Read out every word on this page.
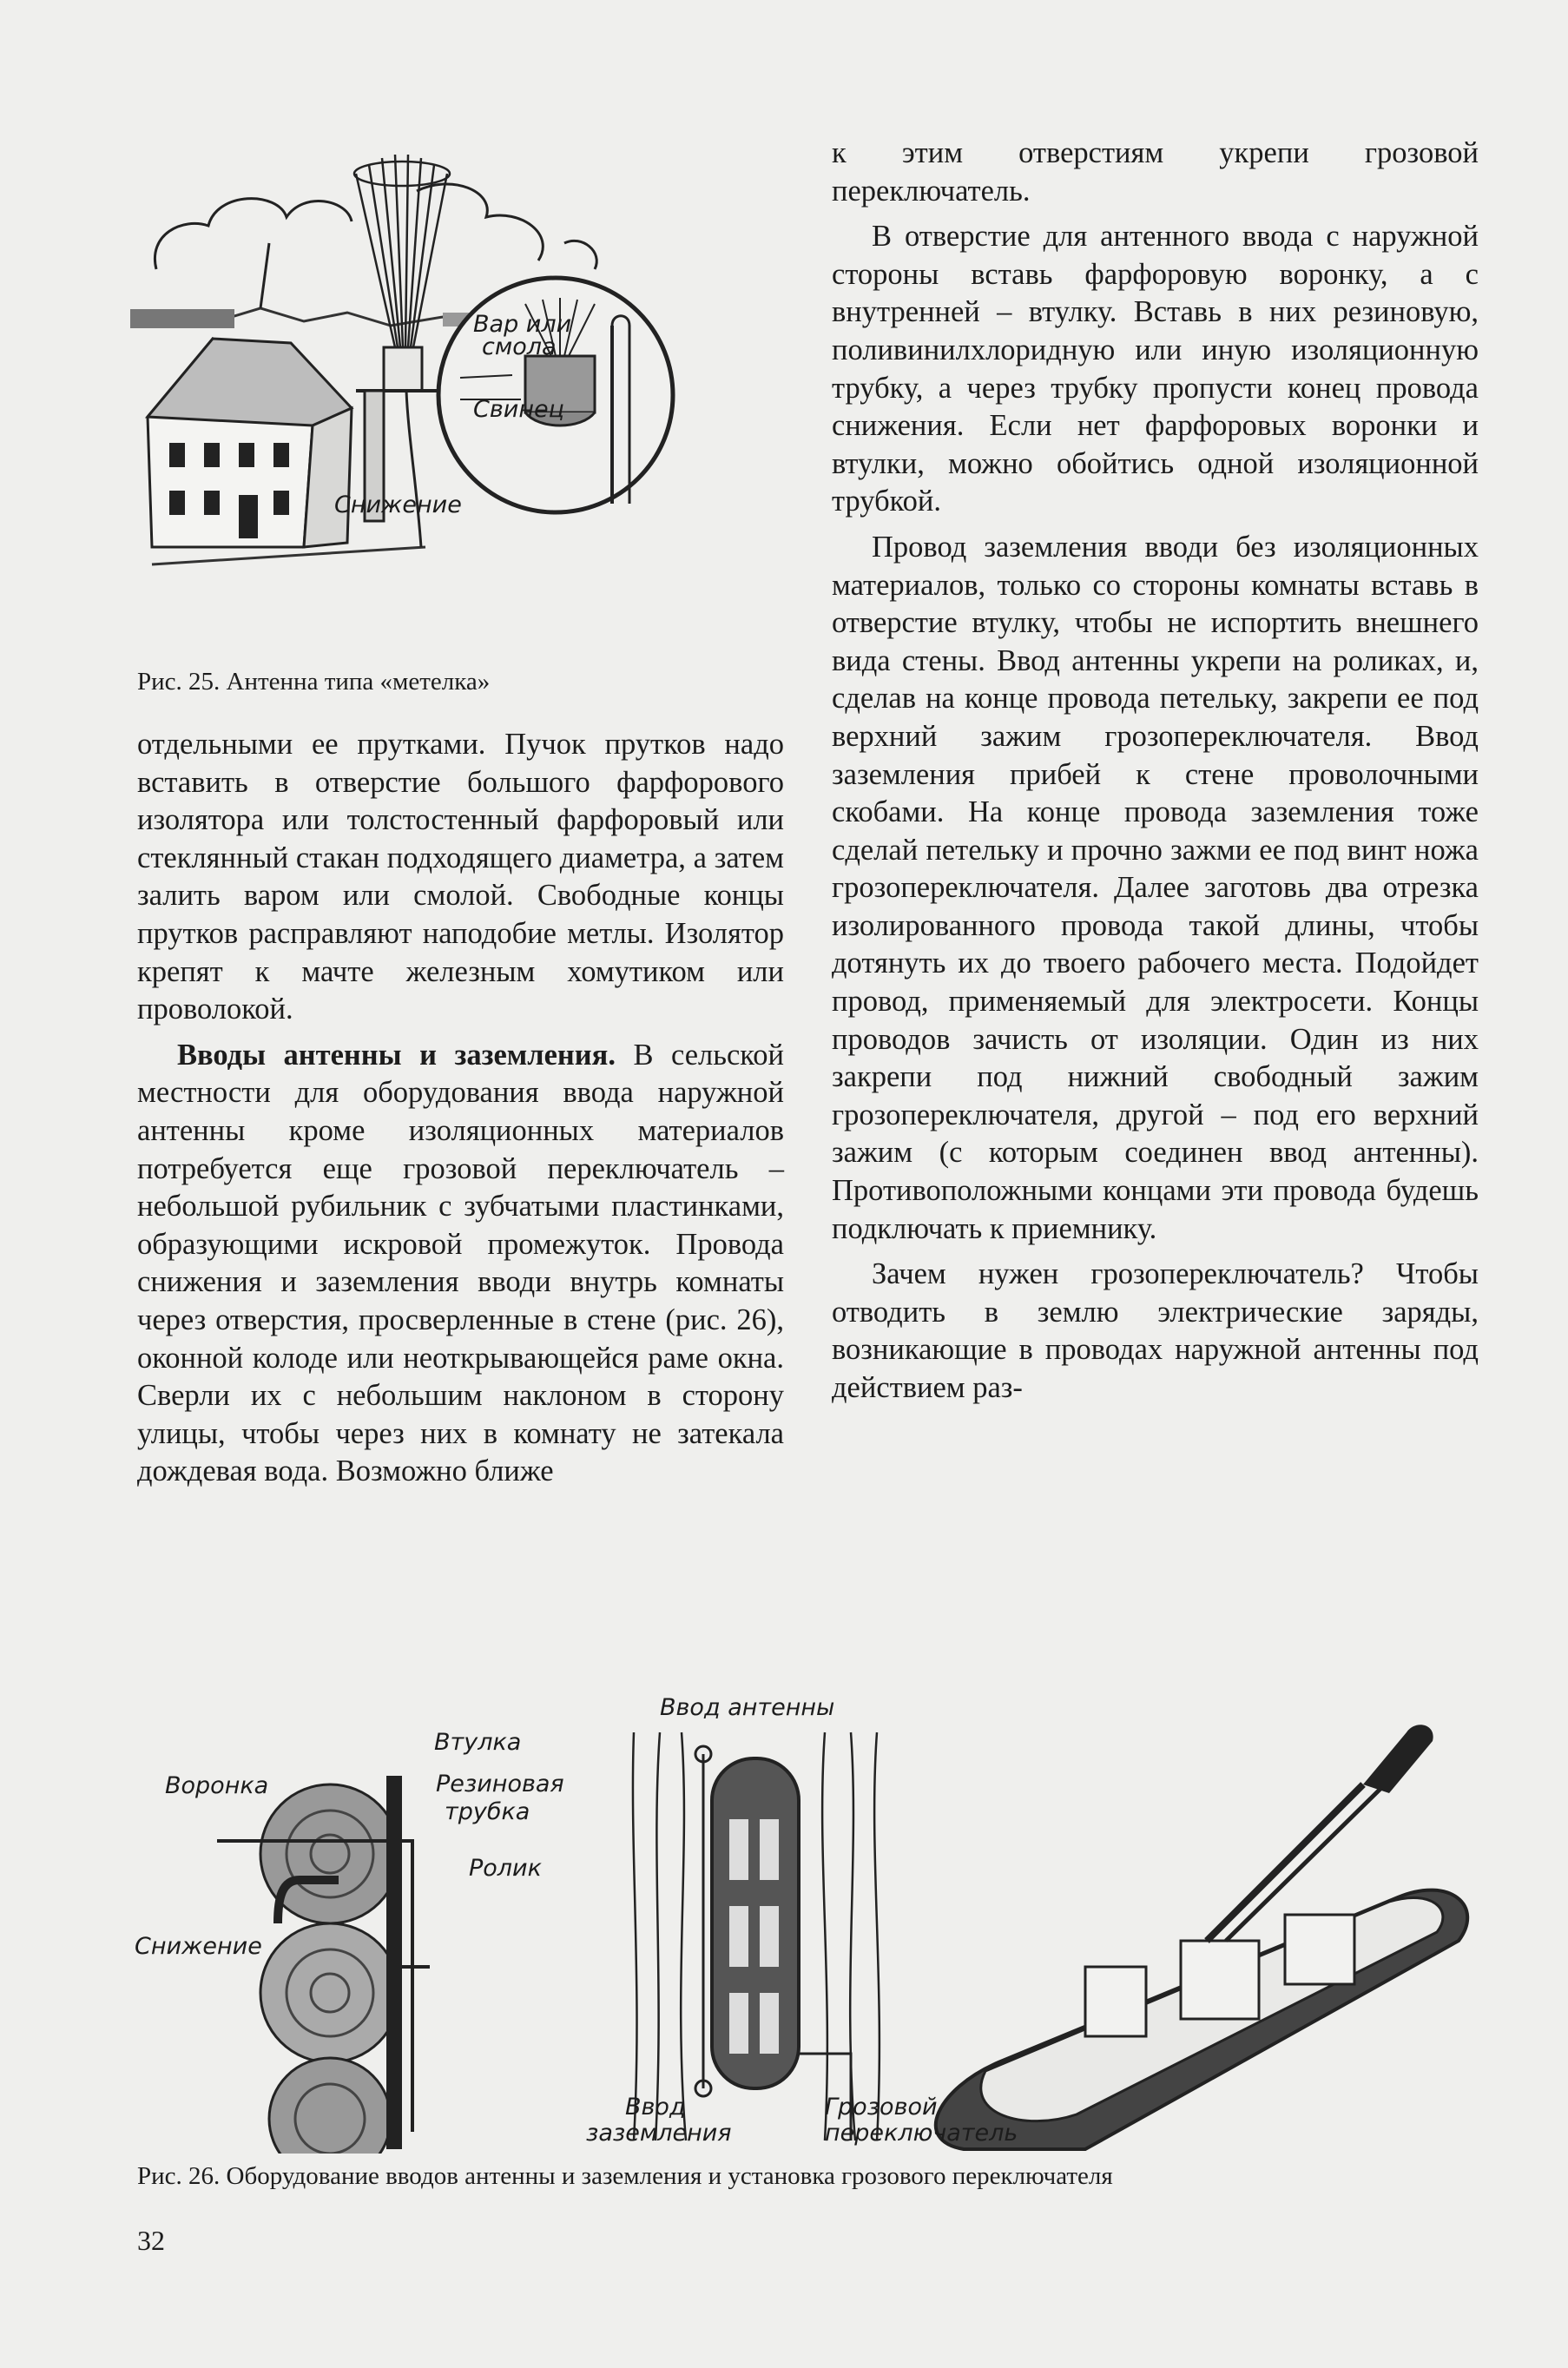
Вар или
смола
Свинец
Снижение
Рис. 25. Антенна типа «метелка»

отдельными ее прутками. Пучок прутков надо вставить в отверстие большого фарфорового изолятора или толстостенный фарфоровый или стеклянный стакан подходящего диаметра, а затем залить варом или смолой. Свободные концы прутков расправляют наподобие метлы. Изолятор крепят к мачте железным хомутиком или проволокой.

Вводы антенны и заземления. В сельской местности для оборудования ввода наружной антенны кроме изоляционных материалов потребуется еще грозовой переключатель – небольшой рубильник с зубчатыми пластинками, образующими искровой промежуток. Провода снижения и заземления вводи внутрь комнаты через отверстия, просверленные в стене (рис. 26), оконной колоде или неоткрывающейся раме окна. Сверли их с небольшим наклоном в сторону улицы, чтобы через них в комнату не затекала дождевая вода. Возможно ближе

к этим отверстиям укрепи грозовой переключатель.

В отверстие для антенного ввода с наружной стороны вставь фарфоровую воронку, а с внутренней – втулку. Вставь в них резиновую, поливинилхлоридную или иную изоляционную трубку, а через трубку пропусти конец провода снижения. Если нет фарфоровых воронки и втулки, можно обойтись одной изоляционной трубкой.

Провод заземления вводи без изоляционных материалов, только со стороны комнаты вставь в отверстие втулку, чтобы не испортить внешнего вида стены. Ввод антенны укрепи на роликах, и, сделав на конце провода петельку, закрепи ее под верхний зажим грозопереключателя. Ввод заземления прибей к стене проволочными скобами. На конце провода заземления тоже сделай петельку и прочно зажми ее под винт ножа грозопереключателя. Далее заготовь два отрезка изолированного провода такой длины, чтобы дотянуть их до твоего рабочего места. Подойдет провод, применяемый для электросети. Концы проводов зачисть от изоляции. Один из них закрепи под нижний свободный зажим грозопереключателя, другой – под его верхний зажим (с которым соединен ввод антенны). Противоположными концами эти провода будешь подключать к приемнику.

Зачем нужен грозопереключатель? Чтобы отводить в землю электрические заряды, возникающие в проводах наружной антенны под действием раз-

Ввод антенны
Втулка
Резиновая
трубка
Воронка
Ролик
Снижение
Ввод
заземления
Грозовой
переключатель
Рис. 26. Оборудование вводов антенны и заземления и установка грозового переключателя
32
